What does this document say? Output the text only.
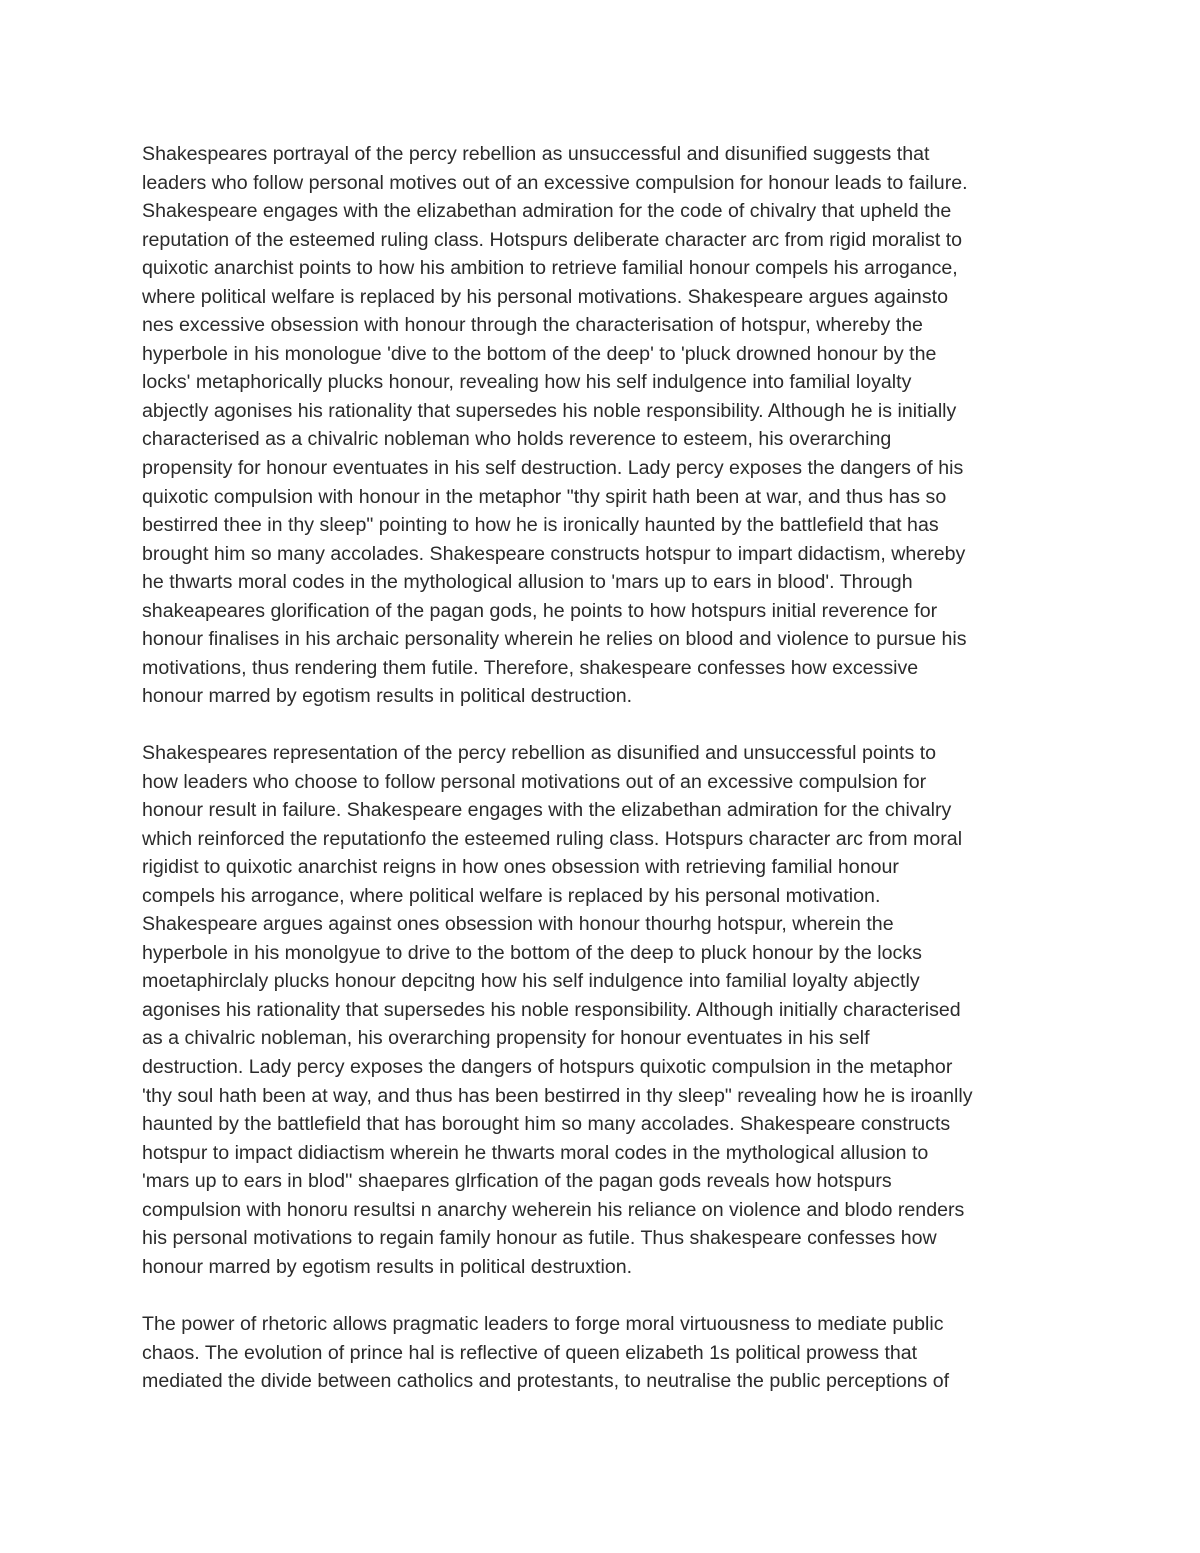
Shakespeares portrayal of the percy rebellion as unsuccessful and disunified suggests that
leaders who follow personal motives out of an excessive compulsion for honour leads to failure.
Shakespeare engages with the elizabethan admiration for the code of chivalry that upheld the
reputation of the esteemed ruling class. Hotspurs deliberate character arc from rigid moralist to
quixotic anarchist points to how his ambition to retrieve familial honour compels his arrogance,
where political welfare is replaced by his personal motivations. Shakespeare argues againsto
nes excessive obsession with honour through the characterisation of hotspur, whereby the
hyperbole in his monologue 'dive to the bottom of the deep' to 'pluck drowned honour by the
locks' metaphorically plucks honour, revealing how his self indulgence into familial loyalty
abjectly agonises his rationality that supersedes his noble responsibility. Although he is initially
characterised as a chivalric nobleman who holds reverence to esteem, his overarching
propensity for honour eventuates in his self destruction. Lady percy exposes the dangers of his
quixotic compulsion with honour in the metaphor "thy spirit hath been at war, and thus has so
bestirred thee in thy sleep" pointing to how he is ironically haunted by the battlefield that has
brought him so many accolades. Shakespeare constructs hotspur to impart didactism, whereby
he thwarts moral codes in the mythological allusion to 'mars up to ears in blood'. Through
shakeapeares glorification of the pagan gods, he points to how hotspurs initial reverence for
honour finalises in his archaic personality wherein he relies on blood and violence to pursue his
motivations, thus rendering them futile. Therefore, shakespeare confesses how excessive
honour marred by egotism results in political destruction.
Shakespeares representation of the percy rebellion as disunified and unsuccessful points to
how leaders who choose to follow personal motivations out of an excessive compulsion for
honour result in failure. Shakespeare engages with the elizabethan admiration for the chivalry
which reinforced the reputationfo the esteemed ruling class. Hotspurs character arc from moral
rigidist to quixotic anarchist reigns in how ones obsession with retrieving familial honour
compels his arrogance, where political welfare is replaced by his personal motivation.
Shakespeare argues against ones obsession with honour thourhg hotspur, wherein the
hyperbole in his monolgyue to drive to the bottom of the deep to pluck honour by the locks
moetaphirclaly plucks honour depcitng how his self indulgence into familial loyalty abjectly
agonises his rationality that supersedes his noble responsibility. Although initially characterised
as a chivalric nobleman, his overarching propensity for honour eventuates in his self
destruction. Lady percy exposes the dangers of hotspurs quixotic compulsion in the metaphor
'thy soul hath been at way, and thus has been bestirred in thy sleep" revealing how he is iroanlly
haunted by the battlefield that has borought him so many accolades. Shakespeare constructs
hotspur to impact didiactism wherein he thwarts moral codes in the mythological allusion to
'mars up to ears in blod'' shaepares glrfication of the pagan gods reveals how hotspurs
compulsion with honoru resultsi n anarchy weherein his reliance on violence and blodo renders
his personal motivations to regain family honour as futile. Thus shakespeare confesses how
honour marred by egotism results in political destruxtion.
The power of rhetoric allows pragmatic leaders to forge moral virtuousness to mediate public
chaos. The evolution of prince hal is reflective of queen elizabeth 1s political prowess that
mediated the divide between catholics and protestants, to neutralise the public perceptions of
